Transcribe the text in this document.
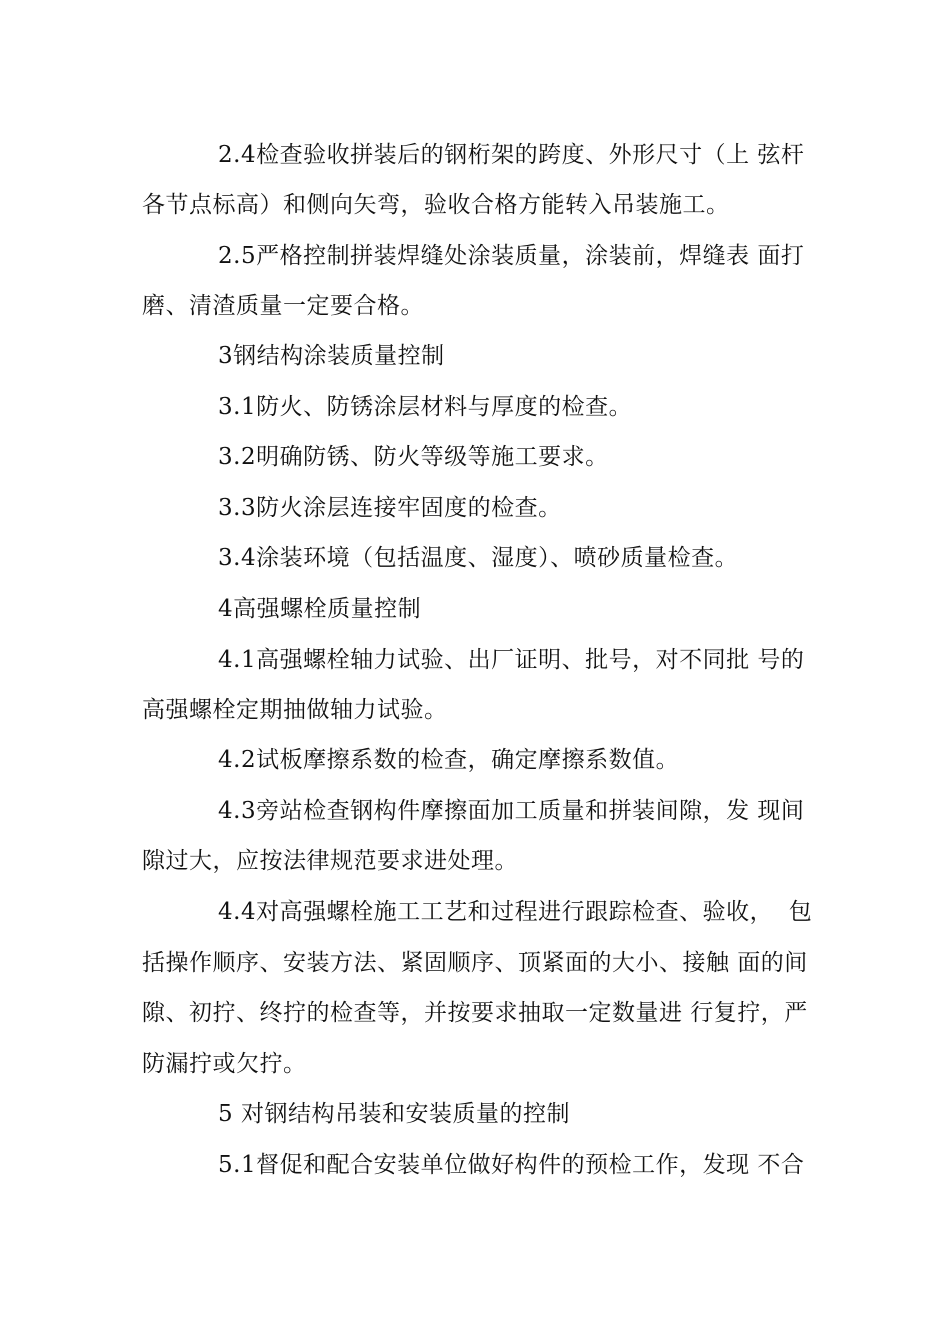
2.4检查验收拼装后的钢桁架的跨度、外形尺寸（上 弦杆
各节点标高）和侧向矢弯，验收合格方能转入吊装施工。
2.5严格控制拼装焊缝处涂装质量，涂装前，焊缝表 面打
磨、清渣质量一定要合格。
3钢结构涂装质量控制
3.1防火、防锈涂层材料与厚度的检查。
3.2明确防锈、防火等级等施工要求。
3.3防火涂层连接牢固度的检查。
3.4涂装环境（包括温度、湿度）、喷砂质量检查。
4高强螺栓质量控制
4.1高强螺栓轴力试验、出厂证明、批号，对不同批 号的
高强螺栓定期抽做轴力试验。
4.2试板摩擦系数的检查，确定摩擦系数值。
4.3旁站检查钢构件摩擦面加工质量和拼装间隙，发 现间
隙过大，应按法律规范要求进处理。
4.4对高强螺栓施工工艺和过程进行跟踪检查、验收，  包
括操作顺序、安装方法、紧固顺序、顶紧面的大小、接触 面的间
隙、初拧、终拧的检查等，并按要求抽取一定数量进 行复拧，严
防漏拧或欠拧。
5 对钢结构吊装和安装质量的控制
5.1督促和配合安装单位做好构件的预检工作，发现 不合
